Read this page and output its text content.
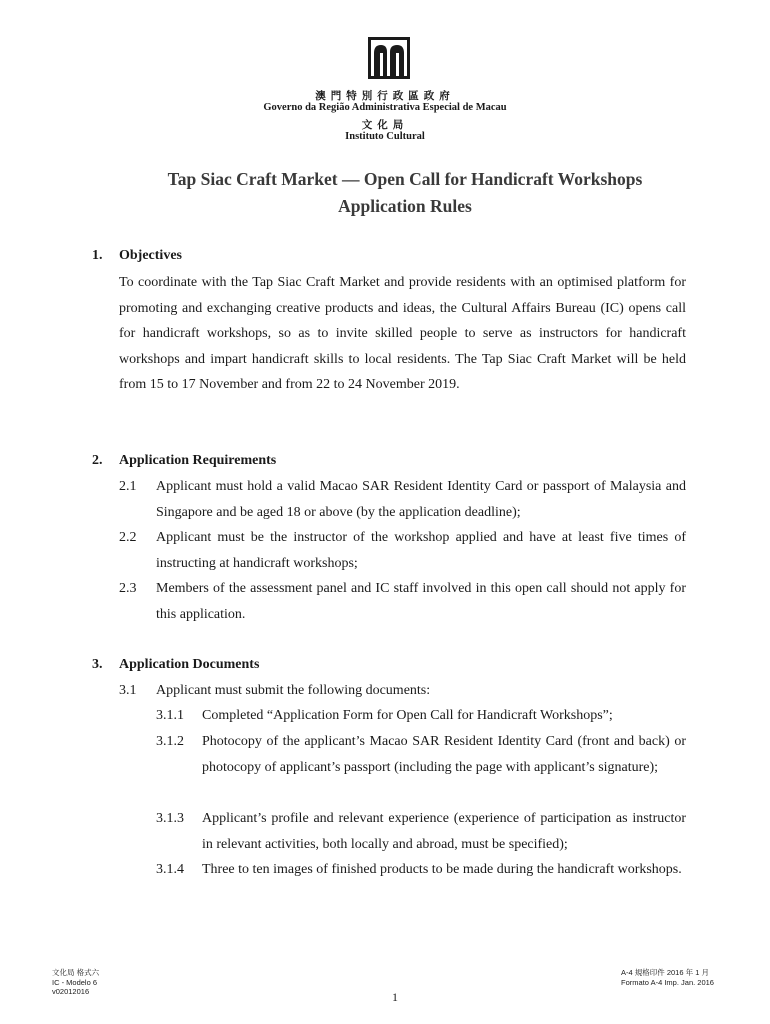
澳門特別行政區政府
Governo da Região Administrativa Especial de Macau
文化局
Instituto Cultural
Tap Siac Craft Market — Open Call for Handicraft Workshops
Application Rules
1. Objectives
To coordinate with the Tap Siac Craft Market and provide residents with an optimised platform for promoting and exchanging creative products and ideas, the Cultural Affairs Bureau (IC) opens call for handicraft workshops, so as to invite skilled people to serve as instructors for handicraft workshops and impart handicraft skills to local residents. The Tap Siac Craft Market will be held from 15 to 17 November and from 22 to 24 November 2019.
2. Application Requirements
2.1 Applicant must hold a valid Macao SAR Resident Identity Card or passport of Malaysia and Singapore and be aged 18 or above (by the application deadline);
2.2 Applicant must be the instructor of the workshop applied and have at least five times of instructing at handicraft workshops;
2.3 Members of the assessment panel and IC staff involved in this open call should not apply for this application.
3. Application Documents
3.1 Applicant must submit the following documents:
3.1.1 Completed “Application Form for Open Call for Handicraft Workshops”;
3.1.2 Photocopy of the applicant’s Macao SAR Resident Identity Card (front and back) or photocopy of applicant’s passport (including the page with applicant’s signature);
3.1.3 Applicant’s profile and relevant experience (experience of participation as instructor in relevant activities, both locally and abroad, must be specified);
3.1.4 Three to ten images of finished products to be made during the handicraft workshops.
文化局 格式六
IC - Modelo 6
v02012016
A-4 規格印件 2016 年 1 月
Formato A-4 Imp. Jan. 2016
1
